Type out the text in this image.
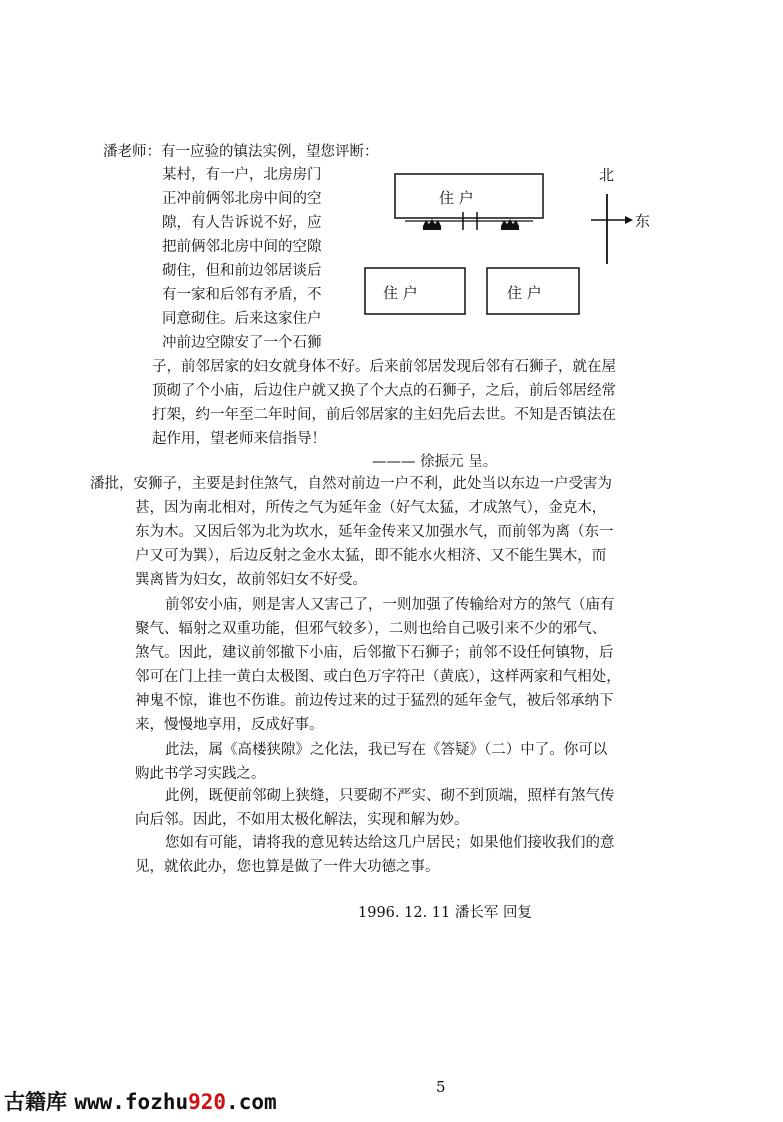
潘老师：有一应验的镇法实例，望您评断：
某村，有一户，北房房门
正冲前俩邻北房中间的空
隙，有人告诉说不好，应
把前俩邻北房中间的空隙
砌住，但和前边邻居谈后
有一家和后邻有矛盾，不
同意砌住。后来这家住户
冲前边空隙安了一个石狮
子，前邻居家的妇女就身体不好。后来前邻居发现后邻有石狮子，就在屋
顶砌了个小庙，后边住户就又换了个大点的石狮子，之后，前后邻居经常
打架，约一年至二年时间，前后邻居家的主妇先后去世。不知是否镇法在
起作用，望老师来信指导！
——— 徐振元 呈。
住 户
住 户	住 户
北
东
潘批，安狮子，主要是封住煞气，自然对前边一户不利，此处当以东边一户受害为
甚，因为南北相对，所传之气为延年金（好气太猛，才成煞气），金克木，
东为木。又因后邻为北为坎水，延年金传来又加强水气，而前邻为离（东一
户又可为巽），后边反射之金水太猛，即不能水火相济、又不能生巽木，而
巽离皆为妇女，故前邻妇女不好受。
前邻安小庙，则是害人又害己了，一则加强了传输给对方的煞气（庙有
聚气、辐射之双重功能，但邪气较多），二则也给自己吸引来不少的邪气、
煞气。因此，建议前邻撤下小庙，后邻撤下石狮子；前邻不设任何镇物，后
邻可在门上挂一黄白太极图、或白色万字符卍（黄底），这样两家和气相处，
神鬼不惊，谁也不伤谁。前边传过来的过于猛烈的延年金气，被后邻承纳下
来，慢慢地享用，反成好事。
此法，属《高楼狭隙》之化法，我已写在《答疑》（二）中了。你可以
购此书学习实践之。
此例，既便前邻砌上狭缝，只要砌不严实、砌不到顶端，照样有煞气传
向后邻。因此，不如用太极化解法，实现和解为妙。
您如有可能，请将我的意见转达给这几户居民；如果他们接收我们的意
见，就依此办，您也算是做了一件大功德之事。
1996. 12. 11 潘长军 回复
古籍库 www.fozhu920.com
5
